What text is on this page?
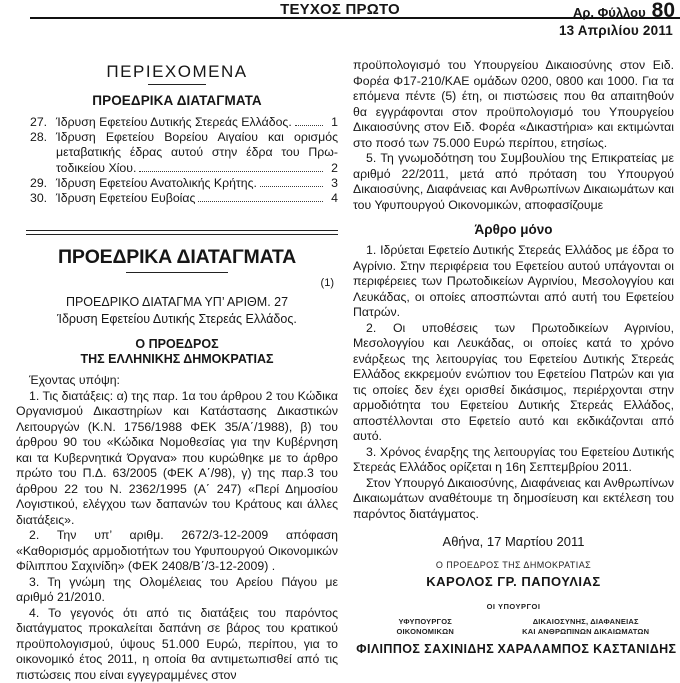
ΤΕΥΧΟΣ ΠΡΩΤΟ	Αρ. Φύλλου 80
13 Απριλίου 2011
ΠΕΡΙΕΧΟΜΕΝΑ
ΠΡΟΕΔΡΙΚΑ ΔΙΑΤΑΓΜΑΤΑ
27. Ίδρυση Εφετείου Δυτικής Στερεάς Ελλάδος.	1
28. Ίδρυση Εφετείου Βορείου Αιγαίου και ορισμός
μεταβατικής έδρας αυτού στην έδρα του Πρω-
τοδικείου Χίου.	2
29. Ίδρυση Εφετείου Ανατολικής Κρήτης.	3
30. Ίδρυση Εφετείου Ευβοίας	4
ΠΡΟΕΔΡΙΚΑ ΔΙΑΤΑΓΜΑΤΑ
(1)
ΠΡΟΕΔΡΙΚΟ ΔΙΑΤΑΓΜΑ ΥΠ’ ΑΡΙΘΜ. 27
Ίδρυση Εφετείου Δυτικής Στερεάς Ελλάδος.
Ο ΠΡΟΕΔΡΟΣ
ΤΗΣ ΕΛΛΗΝΙΚΗΣ ΔΗΜΟΚΡΑΤΙΑΣ

Έχοντας υπόψη:

1. Τις διατάξεις: α) της παρ. 1α του άρθρου 2 του Κώδικα Οργανισμού Δικαστηρίων και Κατάστασης Δικαστικών Λειτουργών (Κ.Ν. 1756/1988 ΦΕΚ 35/Α΄/1988), β) του άρθρου 90 του «Κώδικα Νομοθεσίας για την Κυβέρνηση και τα Κυβερνητικά Όργανα» που κυρώθηκε με το άρθρο πρώτο του Π.Δ. 63/2005 (ΦΕΚ Α΄/98), γ) της παρ.3 του άρθρου 22 του Ν. 2362/1995 (Α΄ 247) «Περί Δημοσίου Λογιστικού, ελέγχου των δαπανών του Κράτους και άλλες διατάξεις».

2. Την υπ’ αριθμ. 2672/3-12-2009 απόφαση «Καθορισμός αρμοδιοτήτων του Υφυπουργού Οικονομικών Φίλιππου Σαχινίδη» (ΦΕΚ 2408/Β΄/3-12-2009) .

3. Τη γνώμη της Ολομέλειας του Αρείου Πάγου με αριθμό 21/2010.

4. Το γεγονός ότι από τις διατάξεις του παρόντος διατάγματος προκαλείται δαπάνη σε βάρος του κρατικού προϋπολογισμού, ύψους 51.000 Ευρώ, περίπου, για το οικονομικό έτος 2011, η οποία θα αντιμετωπισθεί από τις πιστώσεις που είναι εγγεγραμμένες στον

προϋπολογισμό του Υπουργείου Δικαιοσύνης στον Ειδ. Φορέα Φ17-210/ΚΑΕ ομάδων 0200, 0800 και 1000. Για τα επόμενα πέντε (5) έτη, οι πιστώσεις που θα απαιτηθούν θα εγγράφονται στον προϋπολογισμό του Υπουργείου Δικαιοσύνης στον Ειδ. Φορέα «Δικαστήρια» και εκτιμώνται στο ποσό των 75.000 Ευρώ περίπου, ετησίως.

5. Τη γνωμοδότηση του Συμβουλίου της Επικρατείας με αριθμό 22/2011, μετά από πρόταση του Υπουργού Δικαιοσύνης, Διαφάνειας και Ανθρωπίνων Δικαιωμάτων και του Υφυπουργού Οικονομικών, αποφασίζουμε

Άρθρο μόνο

1. Ιδρύεται Εφετείο Δυτικής Στερεάς Ελλάδος με έδρα το Αγρίνιο. Στην περιφέρεια του Εφετείου αυτού υπάγονται οι περιφέρειες των Πρωτοδικείων Αγρινίου, Μεσολογγίου και Λευκάδας, οι οποίες αποσπώνται από αυτή του Εφετείου Πατρών.

2. Οι υποθέσεις των Πρωτοδικείων Αγρινίου, Μεσολογγίου και Λευκάδας, οι οποίες κατά το χρόνο ενάρξεως της λειτουργίας του Εφετείου Δυτικής Στερεάς Ελλάδος εκκρεμούν ενώπιον του Εφετείου Πατρών και για τις οποίες δεν έχει ορισθεί δικάσιμος, περιέρχονται στην αρμοδιότητα του Εφετείου Δυτικής Στερεάς Ελλάδος, αποστέλλονται στο Εφετείο αυτό και εκδικάζονται από αυτό.

3. Χρόνος έναρξης της λειτουργίας του Εφετείου Δυτικής Στερεάς Ελλάδος ορίζεται η 16η Σεπτεμβρίου 2011.

Στον Υπουργό Δικαιοσύνης, Διαφάνειας και Ανθρωπίνων Δικαιωμάτων αναθέτουμε τη δημοσίευση και εκτέλεση του παρόντος διατάγματος.

Αθήνα, 17 Μαρτίου 2011
Ο ΠΡΟΕΔΡΟΣ ΤΗΣ ΔΗΜΟΚΡΑΤΙΑΣ
ΚΑΡΟΛΟΣ ΓΡ. ΠΑΠΟΥΛΙΑΣ
ΟΙ ΥΠΟΥΡΓΟΙ
ΥΦΥΠΟΥΡΓΟΣ
ΟΙΚΟΝΟΜΙΚΩΝ
ΦΙΛΙΠΠΟΣ ΣΑΧΙΝΙΔΗΣ
ΔΙΚΑΙΟΣΥΝΗΣ, ΔΙΑΦΑΝΕΙΑΣ
ΚΑΙ ΑΝΘΡΩΠΙΝΩΝ ΔΙΚΑΙΩΜΑΤΩΝ
ΧΑΡΑΛΑΜΠΟΣ ΚΑΣΤΑΝΙΔΗΣ
